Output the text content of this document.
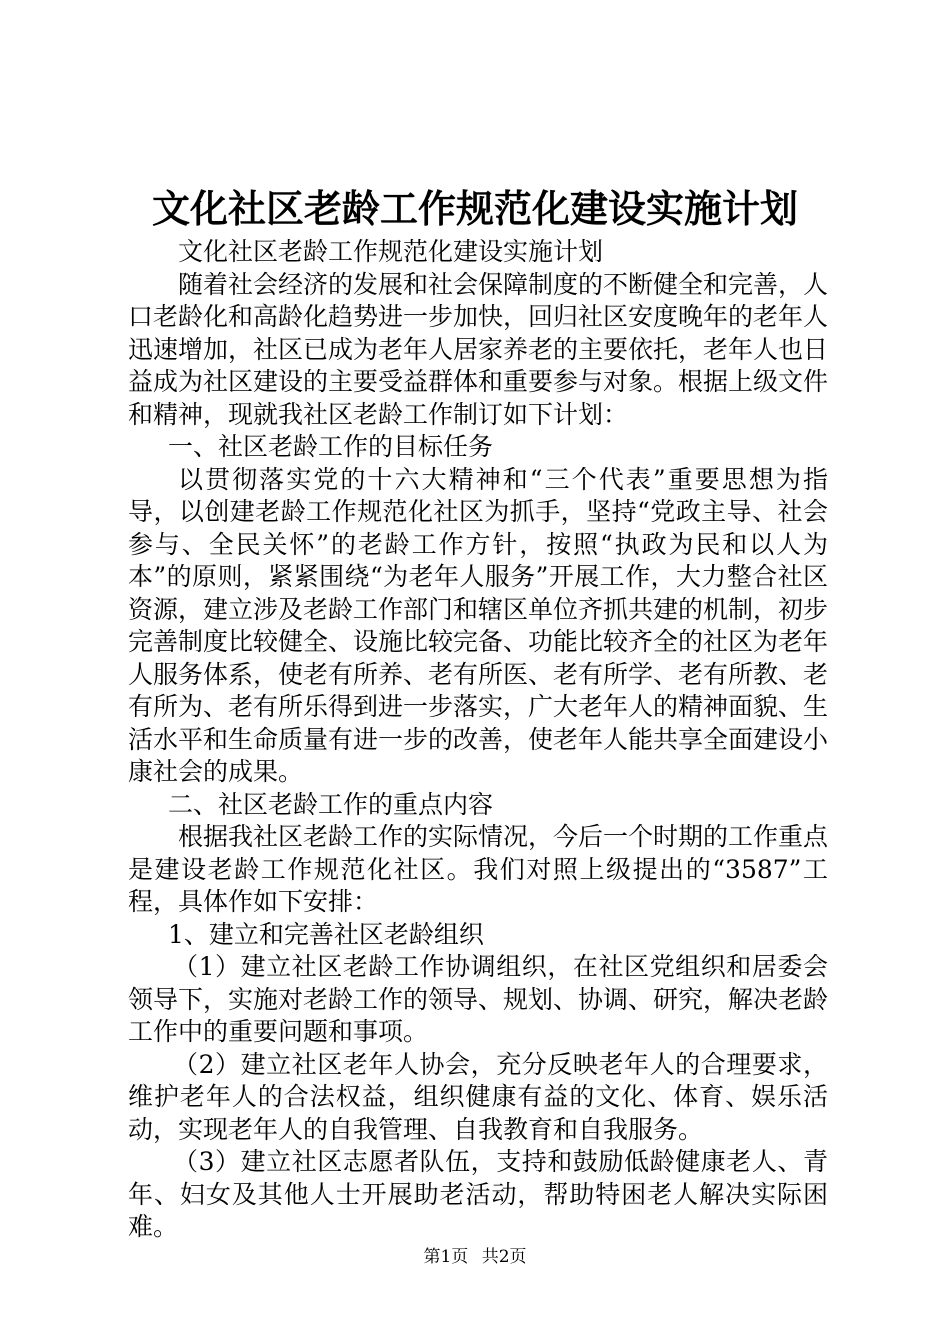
文化社区老龄工作规范化建设实施计划

文化社区老龄工作规范化建设实施计划

随着社会经济的发展和社会保障制度的不断健全和完善，人口老龄化和高龄化趋势进一步加快，回归社区安度晚年的老年人迅速增加，社区已成为老年人居家养老的主要依托，老年人也日益成为社区建设的主要受益群体和重要参与对象。根据上级文件和精神，现就我社区老龄工作制订如下计划：

一、社区老龄工作的目标任务

以贯彻落实党的十六大精神和“三个代表”重要思想为指导，以创建老龄工作规范化社区为抓手，坚持“党政主导、社会参与、全民关怀”的老龄工作方针，按照“执政为民和以人为本”的原则，紧紧围绕“为老年人服务”开展工作，大力整合社区资源，建立涉及老龄工作部门和辖区单位齐抓共建的机制，初步完善制度比较健全、设施比较完备、功能比较齐全的社区为老年人服务体系，使老有所养、老有所医、老有所学、老有所教、老有所为、老有所乐得到进一步落实，广大老年人的精神面貌、生活水平和生命质量有进一步的改善，使老年人能共享全面建设小康社会的成果。

二、社区老龄工作的重点内容

根据我社区老龄工作的实际情况，今后一个时期的工作重点是建设老龄工作规范化社区。我们对照上级提出的“3587”工程，具体作如下安排：

1、建立和完善社区老龄组织

（1）建立社区老龄工作协调组织，在社区党组织和居委会领导下，实施对老龄工作的领导、规划、协调、研究，解决老龄工作中的重要问题和事项。

（2）建立社区老年人协会，充分反映老年人的合理要求，维护老年人的合法权益，组织健康有益的文化、体育、娱乐活动，实现老年人的自我管理、自我教育和自我服务。

（3）建立社区志愿者队伍，支持和鼓励低龄健康老人、青年、妇女及其他人士开展助老活动，帮助特困老人解决实际困难。

第1页 共2页
